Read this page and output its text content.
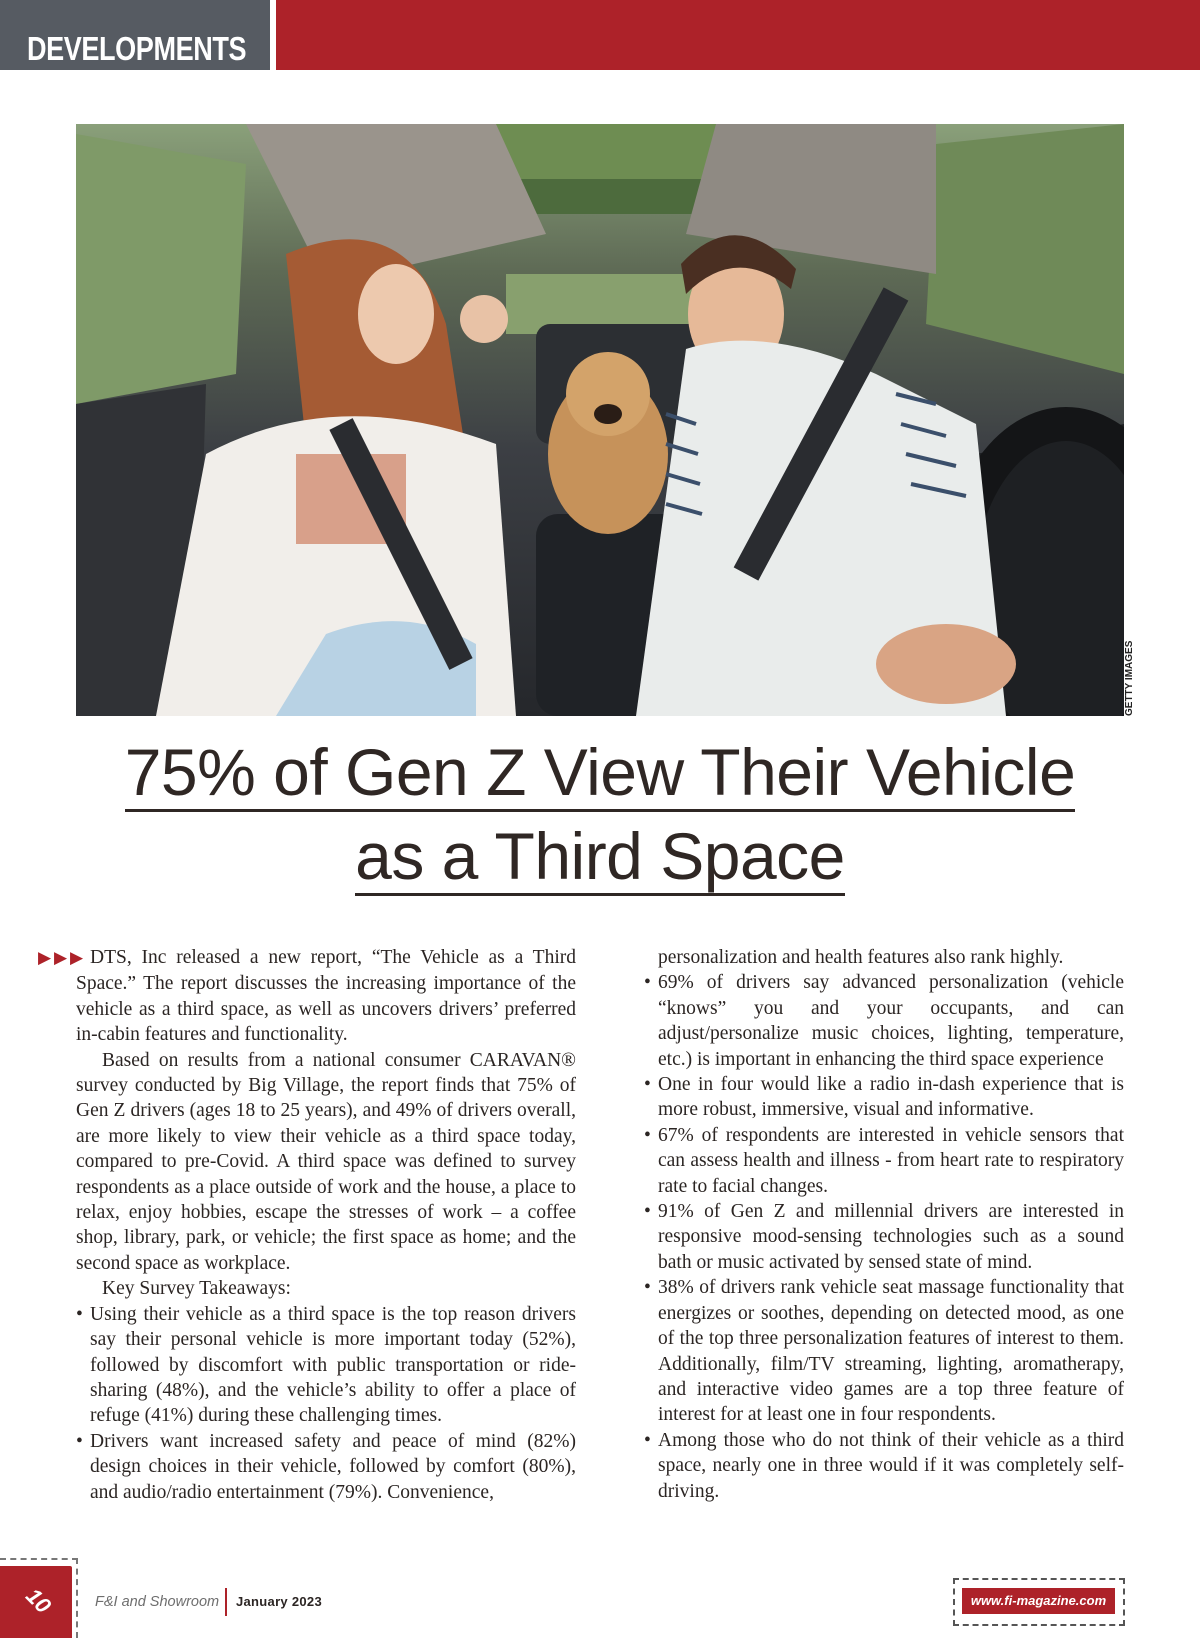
DEVELOPMENTS
GETTY IMAGES
75% of Gen Z View Their Vehicle
as a Third Space

▶▶▶ DTS, Inc released a new report, “The Vehicle as a Third Space.” The report discusses the increasing importance of the vehicle as a third space, as well as uncovers drivers’ preferred in-cabin features and functionality.

Based on results from a national consumer CARAVAN® survey conducted by Big Village, the report finds that 75% of Gen Z drivers (ages 18 to 25 years), and 49% of drivers overall, are more likely to view their vehicle as a third space today, compared to pre-Covid. A third space was defined to survey respondents as a place outside of work and the house, a place to relax, enjoy hobbies, escape the stresses of work – a coffee shop, library, park, or vehicle; the first space as home; and the second space as workplace.

Key Survey Takeaways:

• Using their vehicle as a third space is the top reason drivers say their personal vehicle is more important today (52%), followed by discomfort with public transportation or ride-sharing (48%), and the vehicle’s ability to offer a place of refuge (41%) during these challenging times.

• Drivers want increased safety and peace of mind (82%) design choices in their vehicle, followed by comfort (80%), and audio/radio entertainment (79%). Convenience,

personalization and health features also rank highly.

• 69% of drivers say advanced personalization (vehicle “knows” you and your occupants, and can adjust/personalize music choices, lighting, temperature, etc.) is important in enhancing the third space experience

• One in four would like a radio in-dash experience that is more robust, immersive, visual and informative.

• 67% of respondents are interested in vehicle sensors that can assess health and illness - from heart rate to respiratory rate to facial changes.

• 91% of Gen Z and millennial drivers are interested in responsive mood-sensing technologies such as a sound bath or music activated by sensed state of mind.

• 38% of drivers rank vehicle seat massage functionality that energizes or soothes, depending on detected mood, as one of the top three personalization features of interest to them. Additionally, film/TV streaming, lighting, aromatherapy, and interactive video games are a top three feature of interest for at least one in four respondents.

• Among those who do not think of their vehicle as a third space, nearly one in three would if it was completely self-driving.

10	F&I and Showroom January 2023	www.fi-magazine.com
